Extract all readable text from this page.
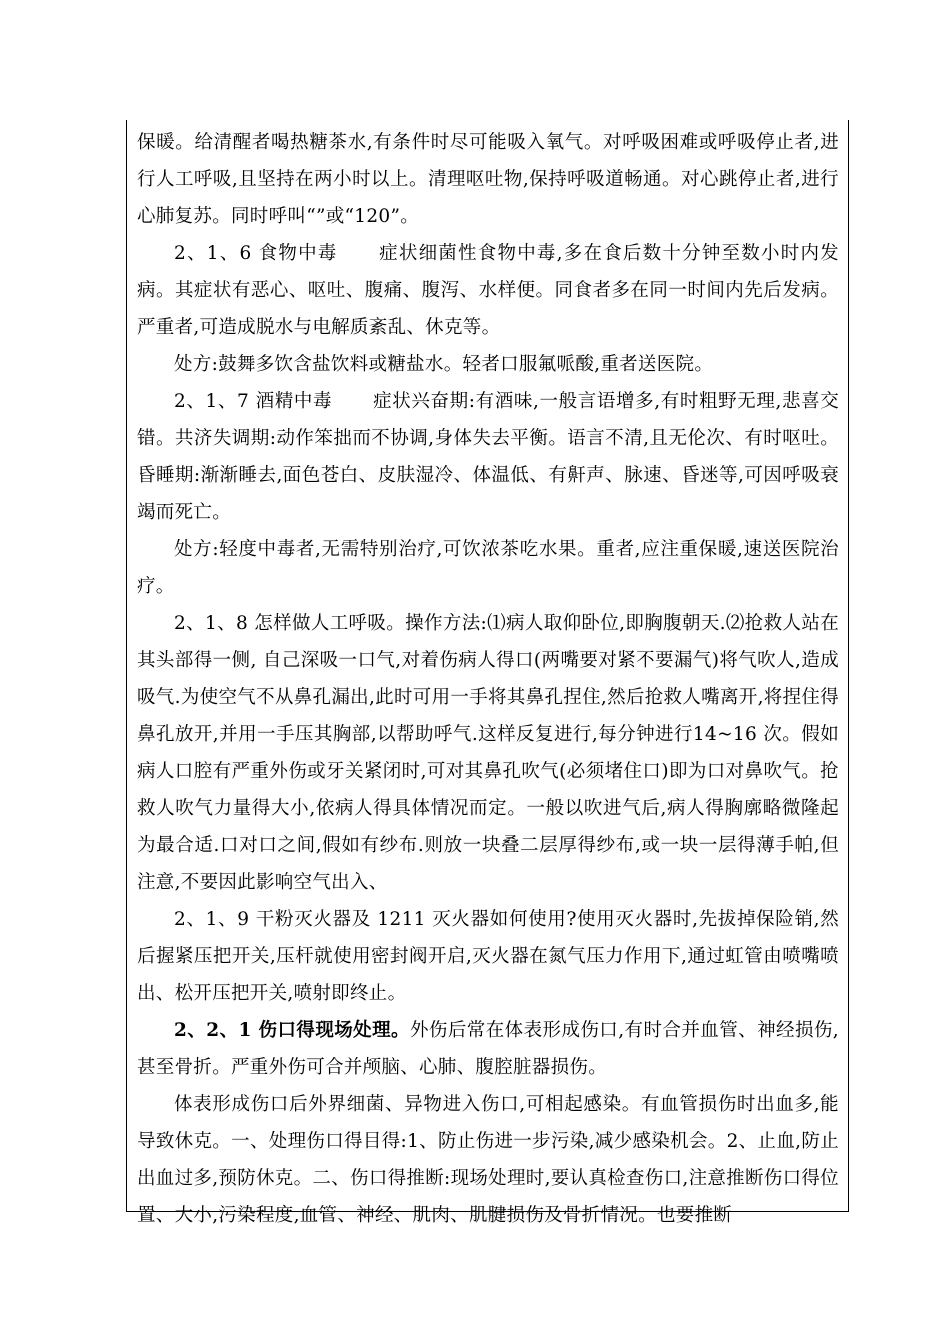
保暖。给清醒者喝热糖茶水,有条件时尽可能吸入氧气。对呼吸困难或呼吸停止者,进行人工呼吸,且坚持在两小时以上。清理呕吐物,保持呼吸道畅通。对心跳停止者,进行心肺复苏。同时呼叫“”或“120”。

2、1、6 食物中毒 症状细菌性食物中毒,多在食后数十分钟至数小时内发病。其症状有恶心、呕吐、腹痛、腹泻、水样便。同食者多在同一时间内先后发病。严重者,可造成脱水与电解质紊乱、休克等。

处方:鼓舞多饮含盐饮料或糖盐水。轻者口服氟哌酸,重者送医院。

2、1、7 酒精中毒 症状兴奋期:有酒味,一般言语增多,有时粗野无理,悲喜交错。共济失调期:动作笨拙而不协调,身体失去平衡。语言不清,且无伦次、有时呕吐。昏睡期:渐渐睡去,面色苍白、皮肤湿冷、体温低、有鼾声、脉速、昏迷等,可因呼吸衰竭而死亡。

处方:轻度中毒者,无需特别治疗,可饮浓茶吃水果。重者,应注重保暖,速送医院治疗。

2、1、8 怎样做人工呼吸。操作方法:⑴病人取仰卧位,即胸腹朝天.⑵抢救人站在其头部得一侧, 自己深吸一口气,对着伤病人得口(两嘴要对紧不要漏气)将气吹人,造成吸气.为使空气不从鼻孔漏出,此时可用一手将其鼻孔捏住,然后抢救人嘴离开,将捏住得鼻孔放开,并用一手压其胸部,以帮助呼气.这样反复进行,每分钟进行14~16 次。假如病人口腔有严重外伤或牙关紧闭时,可对其鼻孔吹气(必须堵住口)即为口对鼻吹气。抢救人吹气力量得大小,依病人得具体情况而定。一般以吹进气后,病人得胸廓略微隆起为最合适.口对口之间,假如有纱布.则放一块叠二层厚得纱布,或一块一层得薄手帕,但注意,不要因此影响空气出入、

2、1、9 干粉灭火器及 1211 灭火器如何使用?使用灭火器时,先拔掉保险销,然后握紧压把开关,压杆就使用密封阀开启,灭火器在氮气压力作用下,通过虹管由喷嘴喷出、松开压把开关,喷射即终止。

2、2、1 伤口得现场处理。外伤后常在体表形成伤口,有时合并血管、神经损伤,甚至骨折。严重外伤可合并颅脑、心肺、腹腔脏器损伤。

体表形成伤口后外界细菌、异物进入伤口,可相起感染。有血管损伤时出血多,能导致休克。一、处理伤口得目得:1、防止伤进一步污染,减少感染机会。2、止血,防止出血过多,预防休克。二、伤口得推断:现场处理时,要认真检查伤口,注意推断伤口得位置、大小,污染程度,血管、神经、肌肉、肌腱损伤及骨折情况。也要推断
